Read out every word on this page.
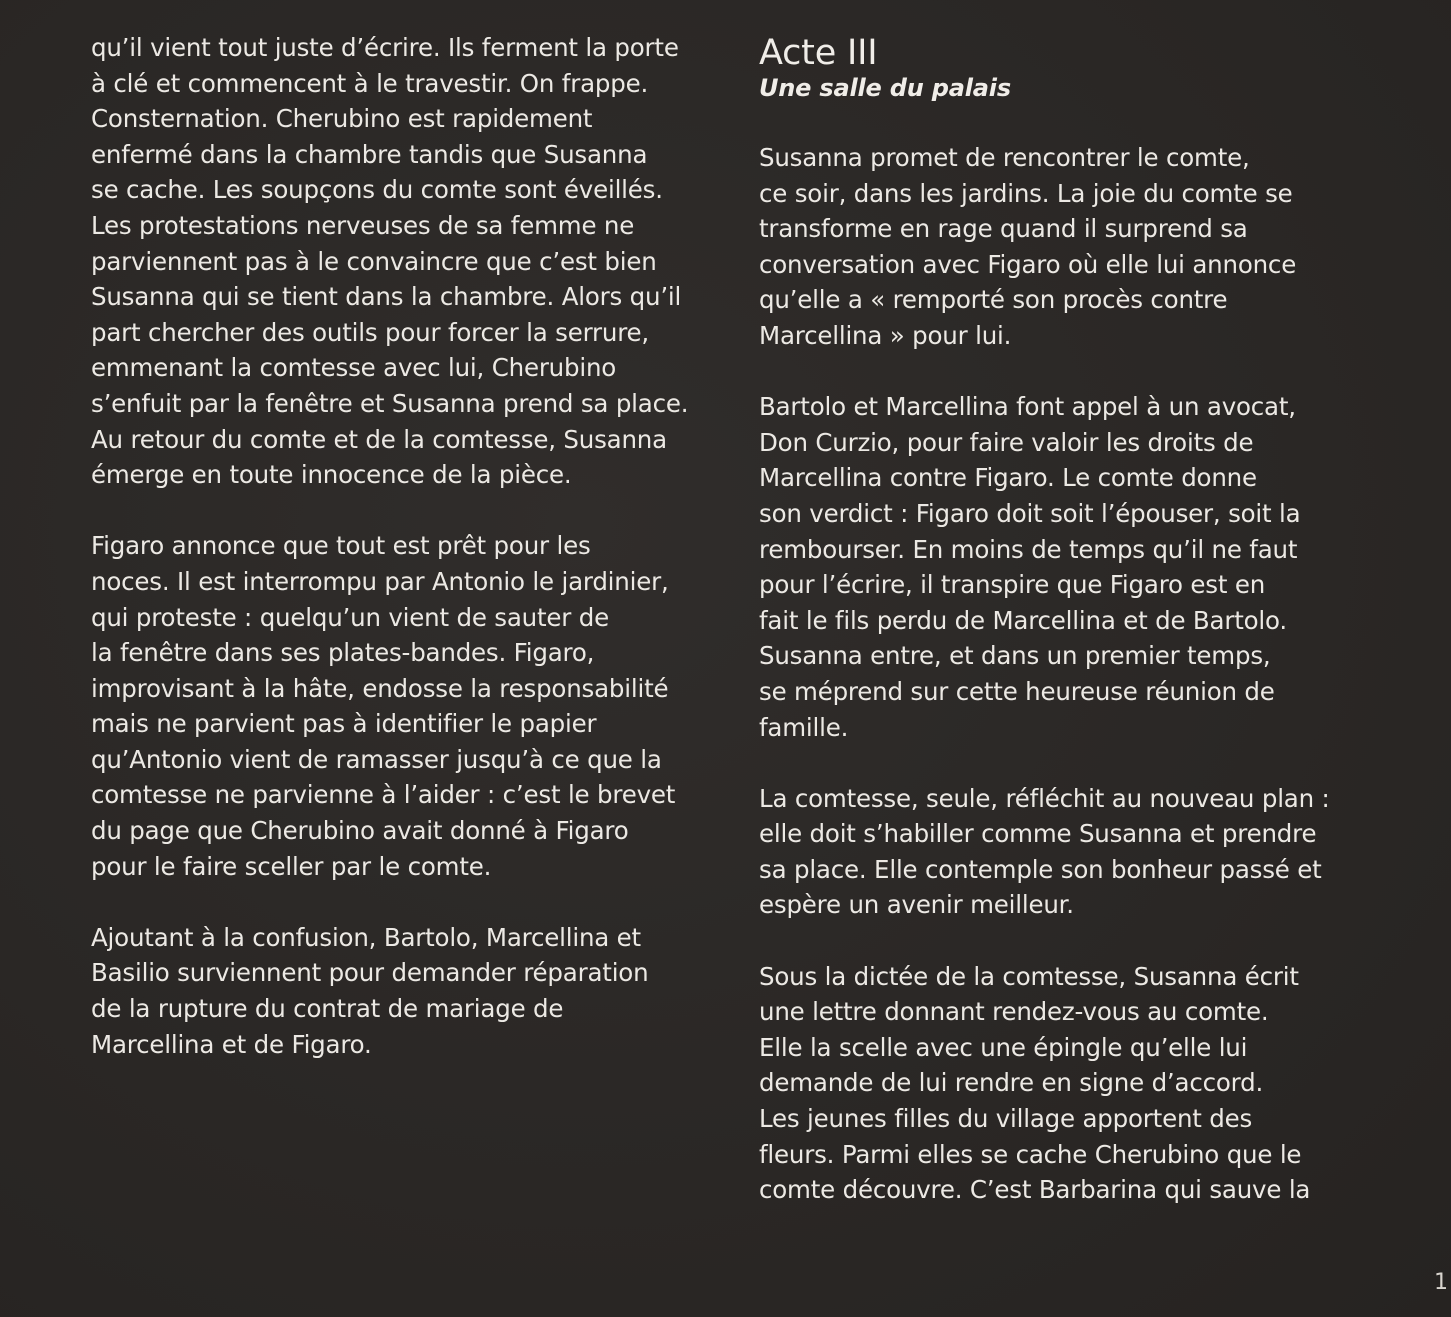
qu’il vient tout juste d’écrire. Ils ferment la porte
à clé et commencent à le travestir. On frappe.
Consternation. Cherubino est rapidement
enfermé dans la chambre tandis que Susanna
se cache. Les soupçons du comte sont éveillés.
Les protestations nerveuses de sa femme ne
parviennent pas à le convaincre que c’est bien
Susanna qui se tient dans la chambre. Alors qu’il
part chercher des outils pour forcer la serrure,
emmenant la comtesse avec lui, Cherubino
s’enfuit par la fenêtre et Susanna prend sa place.
Au retour du comte et de la comtesse, Susanna
émerge en toute innocence de la pièce.
Figaro annonce que tout est prêt pour les
noces. Il est interrompu par Antonio le jardinier,
qui proteste : quelqu’un vient de sauter de
la fenêtre dans ses plates-bandes. Figaro,
improvisant à la hâte, endosse la responsabilité
mais ne parvient pas à identifier le papier
qu’Antonio vient de ramasser jusqu’à ce que la
comtesse ne parvienne à l’aider : c’est le brevet
du page que Cherubino avait donné à Figaro
pour le faire sceller par le comte.
Ajoutant à la confusion, Bartolo, Marcellina et
Basilio surviennent pour demander réparation
de la rupture du contrat de mariage de
Marcellina et de Figaro.
Acte III
Une salle du palais
Susanna promet de rencontrer le comte,
ce soir, dans les jardins. La joie du comte se
transforme en rage quand il surprend sa
conversation avec Figaro où elle lui annonce
qu’elle a « remporté son procès contre
Marcellina » pour lui.
Bartolo et Marcellina font appel à un avocat,
Don Curzio, pour faire valoir les droits de
Marcellina contre Figaro. Le comte donne
son verdict : Figaro doit soit l’épouser, soit la
rembourser. En moins de temps qu’il ne faut
pour l’écrire, il transpire que Figaro est en
fait le fils perdu de Marcellina et de Bartolo.
Susanna entre, et dans un premier temps,
se méprend sur cette heureuse réunion de
famille.
La comtesse, seule, réfléchit au nouveau plan :
elle doit s’habiller comme Susanna et prendre
sa place. Elle contemple son bonheur passé et
espère un avenir meilleur.
Sous la dictée de la comtesse, Susanna écrit
une lettre donnant rendez-vous au comte.
Elle la scelle avec une épingle qu’elle lui
demande de lui rendre en signe d’accord.
Les jeunes filles du village apportent des
fleurs. Parmi elles se cache Cherubino que le
comte découvre. C’est Barbarina qui sauve la
1
